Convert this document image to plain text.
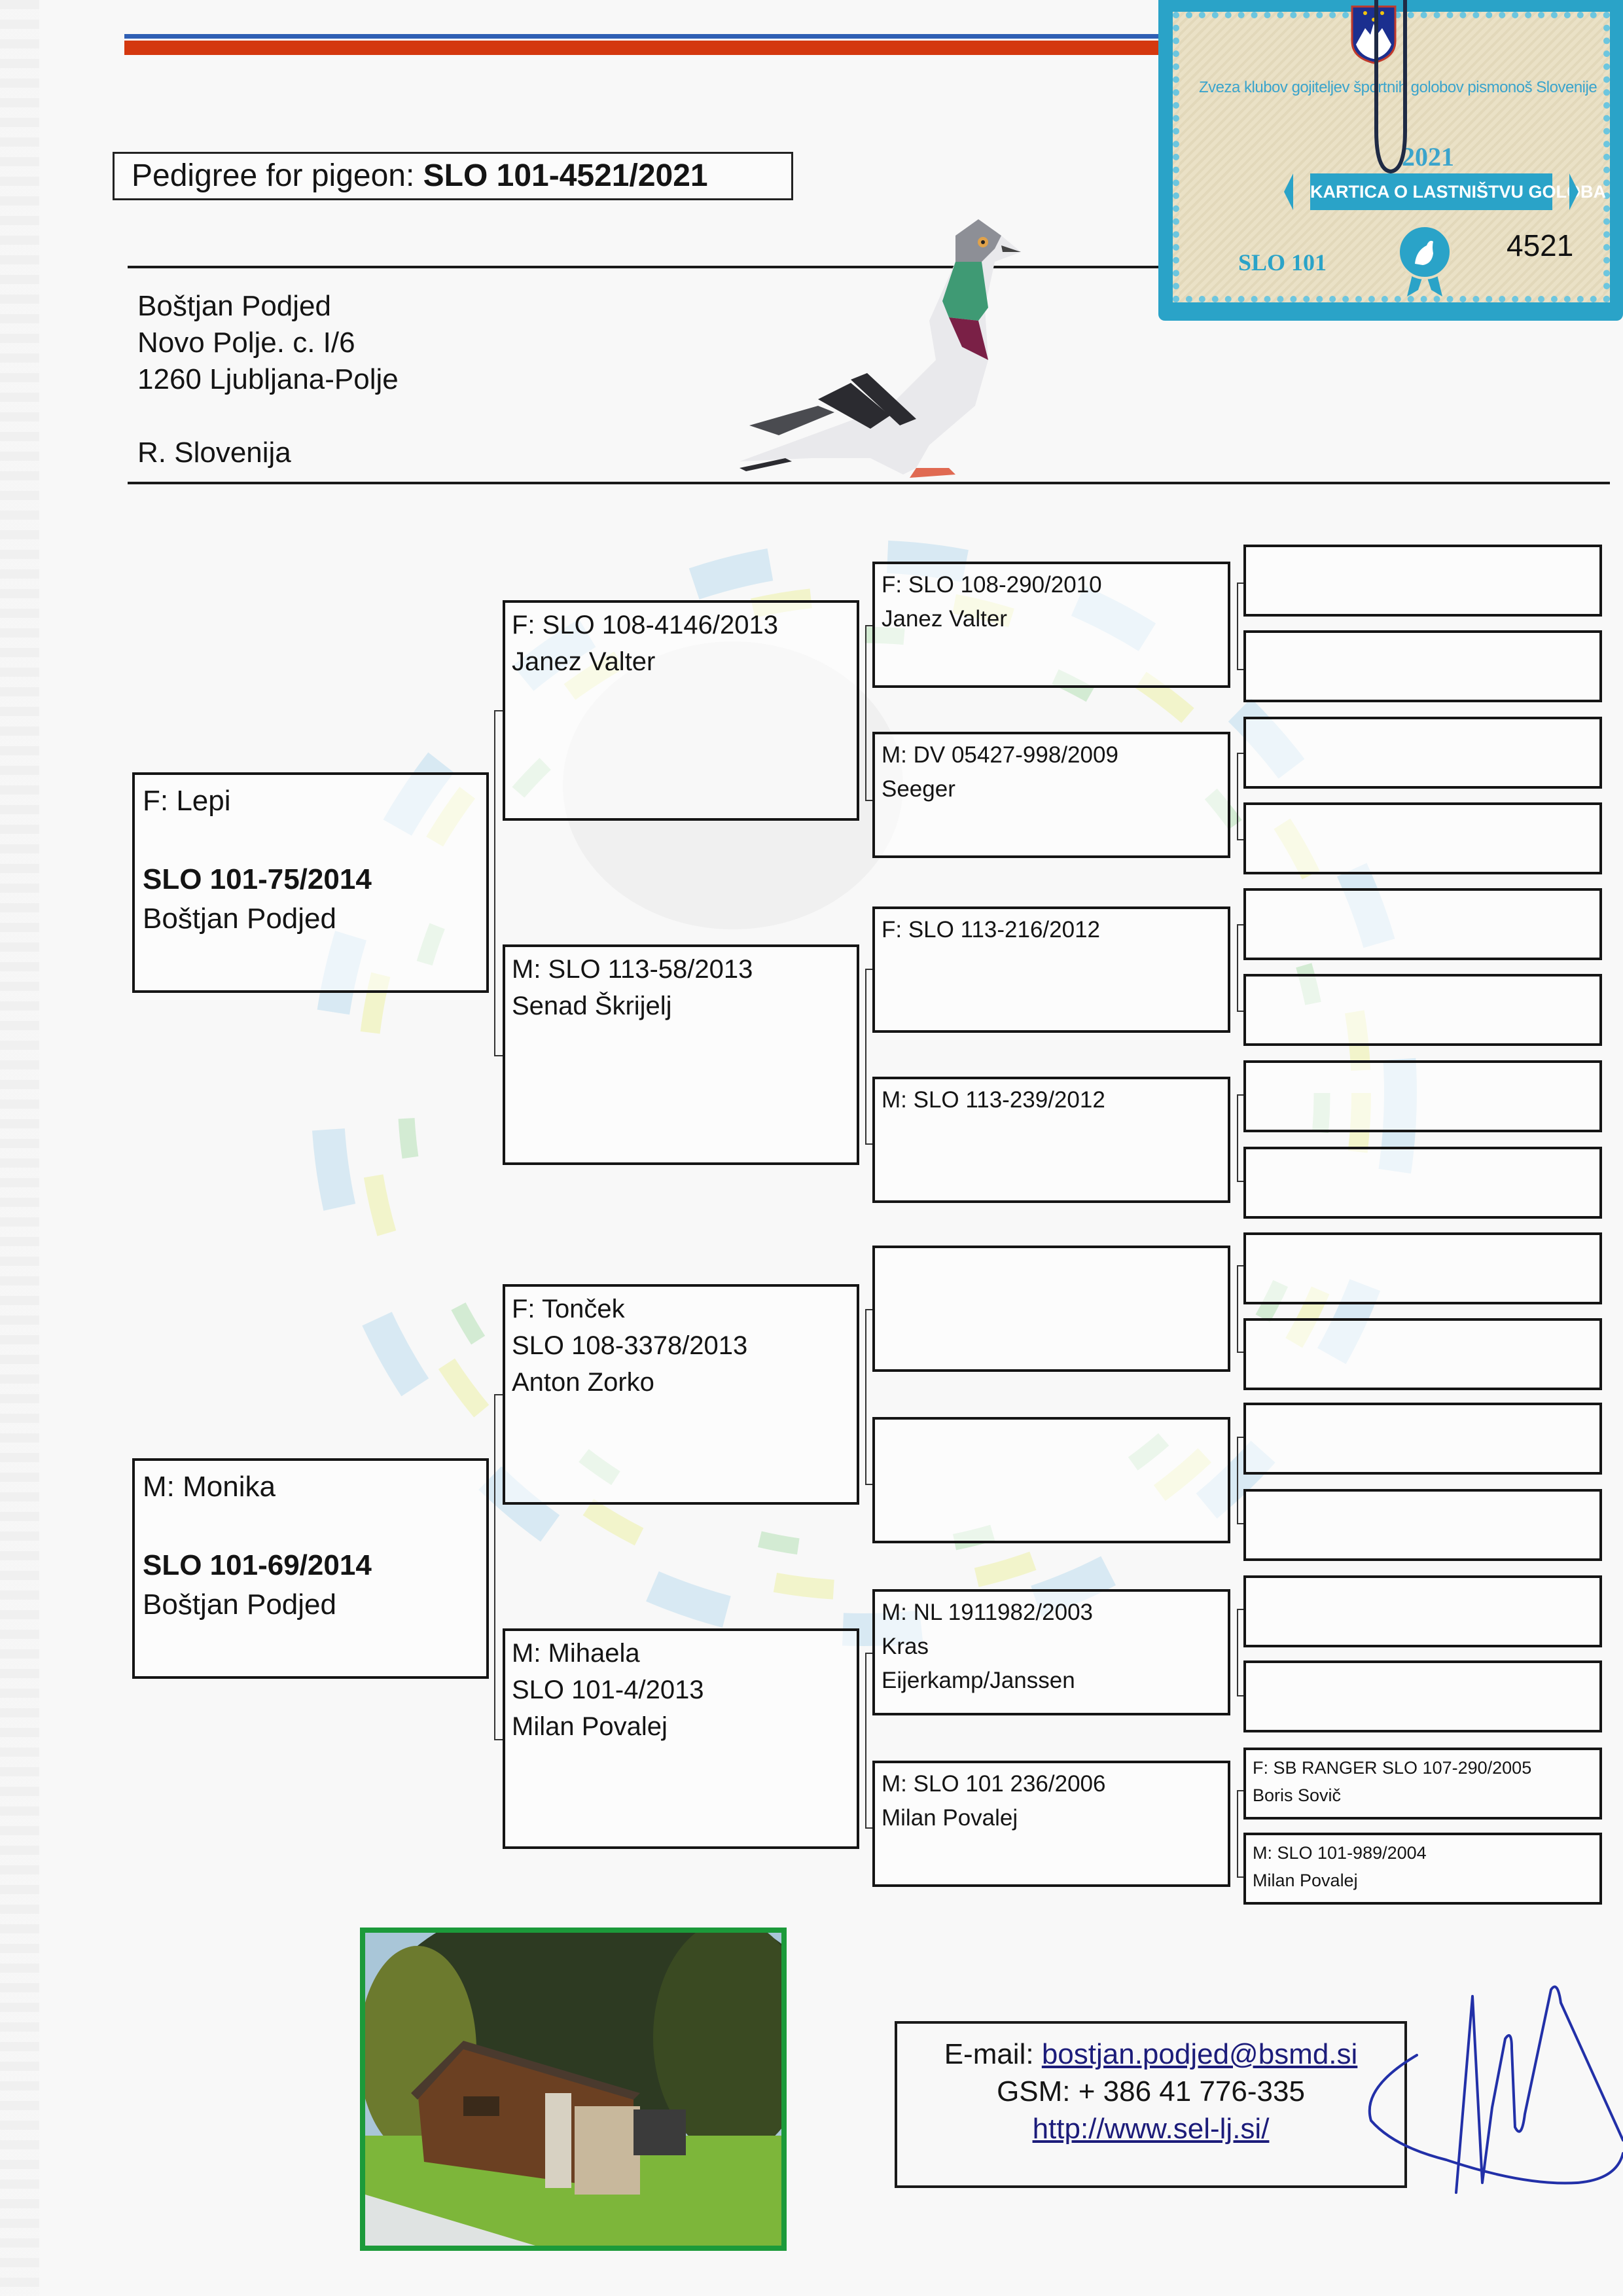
Pedigree for pigeon: SLO 101-4521/2021
Boštjan Podjed
Novo Polje. c. I/6
1260 Ljubljana-Polje
R. Slovenija
Zveza klubov gojiteljev športnih golobov pismonoš Slovenije
2021
KARTICA O LASTNIŠTVU GOLOBA
SLO 101	4521
F: Lepi
SLO 101-75/2014
Boštjan Podjed
M: Monika
SLO 101-69/2014
Boštjan Podjed
F: SLO 108-4146/2013
Janez Valter
M: SLO 113-58/2013
Senad Škrijelj
F: Tonček
SLO 108-3378/2013
Anton Zorko
M: Mihaela
SLO 101-4/2013
Milan Povalej
F: SLO 108-290/2010
Janez Valter
M: DV 05427-998/2009
Seeger
F: SLO 113-216/2012
M: SLO 113-239/2012
M: NL 1911982/2003
Kras
Eijerkamp/Janssen
M: SLO 101 236/2006
Milan Povalej
F: SB RANGER SLO 107-290/2005
Boris Sovič
M: SLO 101-989/2004
Milan Povalej
E-mail: bostjan.podjed@bsmd.si
GSM: + 386 41 776-335
http://www.sel-lj.si/
